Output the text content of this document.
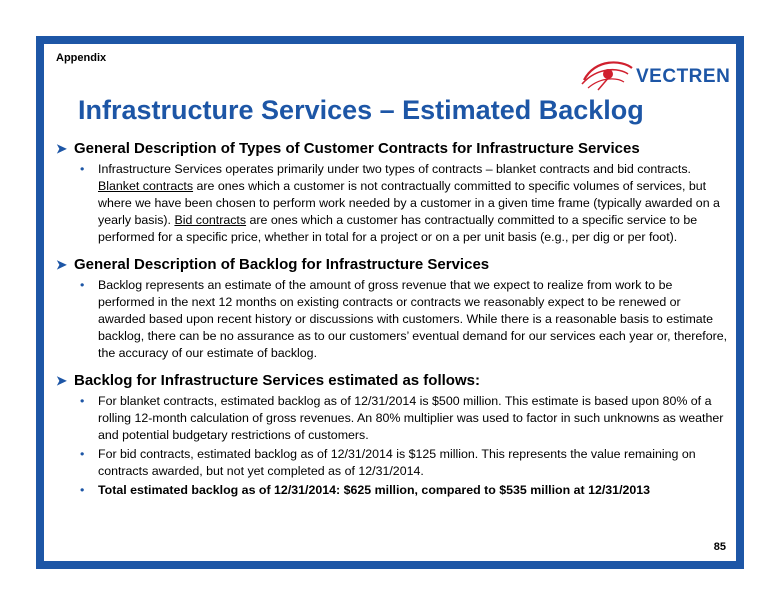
Appendix
VECTREN
Infrastructure Services – Estimated Backlog
➤ General Description of Types of Customer Contracts for Infrastructure Services
•	Infrastructure Services operates primarily under two types of contracts – blanket contracts and bid contracts. Blanket contracts are ones which a customer is not contractually committed to specific volumes of services, but where we have been chosen to perform work needed by a customer in a given time frame (typically awarded on a yearly basis). Bid contracts are ones which a customer has contractually committed to a specific service to be performed for a specific price, whether in total for a project or on a per unit basis (e.g., per dig or per foot).
➤ General Description of Backlog for Infrastructure Services
•	Backlog represents an estimate of the amount of gross revenue that we expect to realize from work to be performed in the next 12 months on existing contracts or contracts we reasonably expect to be renewed or awarded based upon recent history or discussions with customers. While there is a reasonable basis to estimate backlog, there can be no assurance as to our customers’ eventual demand for our services each year or, therefore, the accuracy of our estimate of backlog.
➤ Backlog for Infrastructure Services estimated as follows:
•	For blanket contracts, estimated backlog as of 12/31/2014 is $500 million. This estimate is based upon 80% of a rolling 12-month calculation of gross revenues. An 80% multiplier was used to factor in such unknowns as weather and potential budgetary restrictions of customers.
•	For bid contracts, estimated backlog as of 12/31/2014 is $125 million. This represents the value remaining on contracts awarded, but not yet completed as of 12/31/2014.
•	Total estimated backlog as of 12/31/2014: $625 million, compared to $535 million at 12/31/2013
85
